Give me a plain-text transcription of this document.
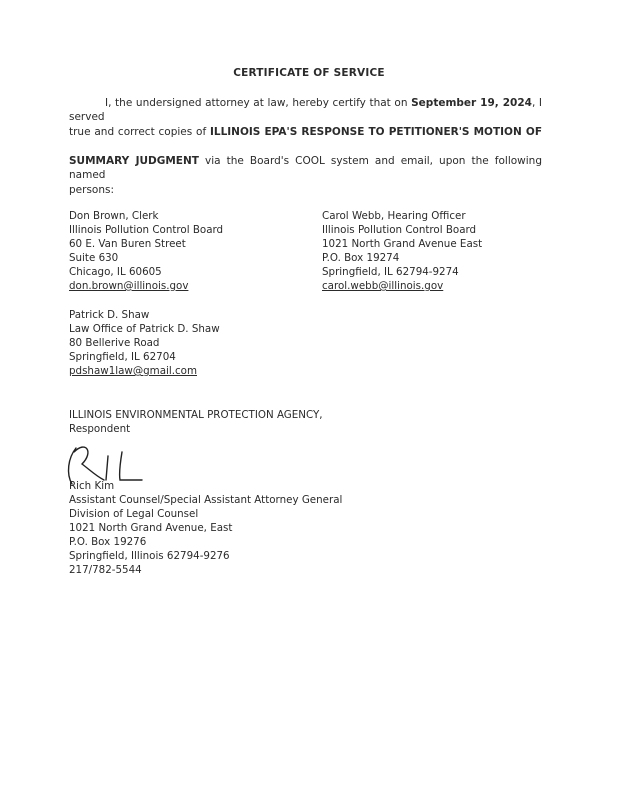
CERTIFICATE OF SERVICE
I, the undersigned attorney at law, hereby certify that on September 19, 2024, I served
true and correct copies of ILLINOIS EPA'S RESPONSE TO PETITIONER'S MOTION OF
SUMMARY JUDGMENT via the Board's COOL system and email, upon the following named
persons:
Don Brown, Clerk
Illinois Pollution Control Board
60 E. Van Buren Street
Suite 630
Chicago, IL 60605
don.brown@illinois.gov
Carol Webb, Hearing Officer
Illinois Pollution Control Board
1021 North Grand Avenue East
P.O. Box 19274
Springfield, IL 62794-9274
carol.webb@illinois.gov
Patrick D. Shaw
Law Office of Patrick D. Shaw
80 Bellerive Road
Springfield, IL 62704
pdshaw1law@gmail.com
ILLINOIS ENVIRONMENTAL PROTECTION AGENCY,
Respondent
Rich Kim
Assistant Counsel/Special Assistant Attorney General
Division of Legal Counsel
1021 North Grand Avenue, East
P.O. Box 19276
Springfield, Illinois 62794-9276
217/782-5544
